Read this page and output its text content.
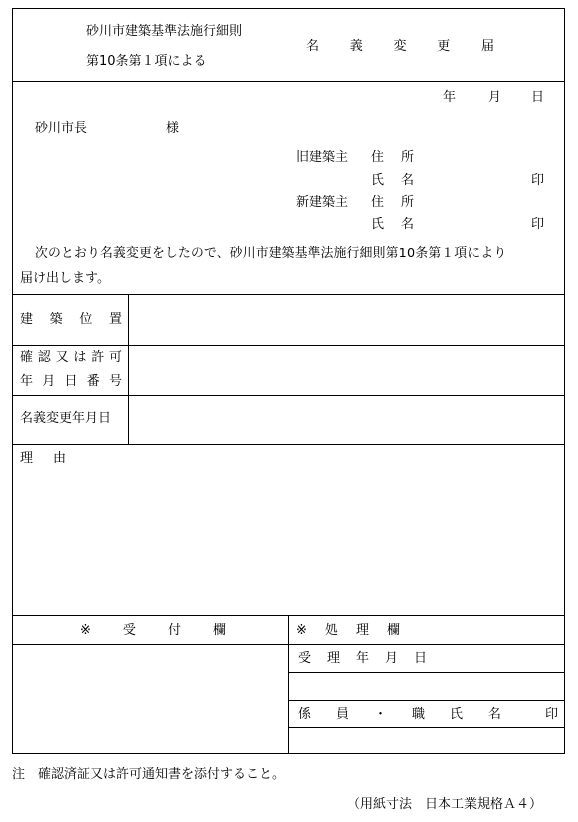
砂川市建築基準法施行細則
第10条第１項による
名 義 変 更 届
年 月 日
砂川市長	様
旧建築主 住 所
氏 名	印
新建築主 住 所
氏 名	印
次のとおり名義変更をしたので、砂川市建築基準法施行細則第10条第１項により
届け出します。
建 築 位 置
確 認 又 は 許 可
年 月 日 番 号
名義変更年月日
理 由
※ 受 付 欄	※ 処 理 欄
受 理 年 月 日
係 員 ・ 職 氏 名	印
注　確認済証又は許可通知書を添付すること。
（用紙寸法　日本工業規格Ａ４）
